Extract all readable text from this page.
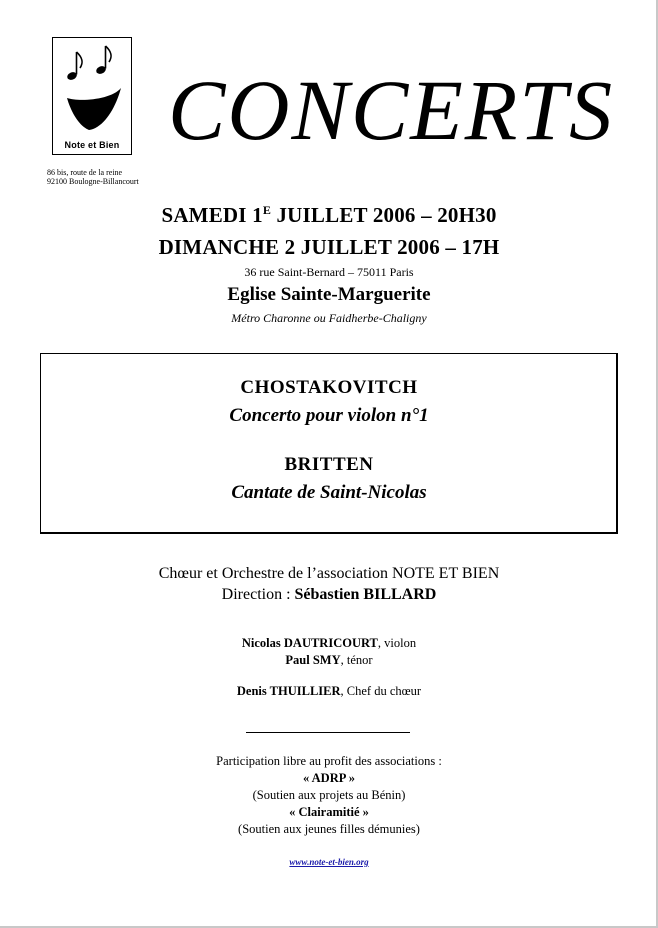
Note et Bien
86 bis, route de la reine
92100 Boulogne-Billancourt
CONCERTS
SAMEDI $1^E$ JUILLET 2006 – 20H30
DIMANCHE 2 JUILLET 2006 – 17H
36 rue Saint-Bernard – 75011 Paris
Eglise Sainte-Marguerite
Métro Charonne ou Faidherbe-Chaligny
CHOSTAKOVITCH
Concerto pour violon n°1
BRITTEN
Cantate de Saint-Nicolas
Chœur et Orchestre de l’association NOTE ET BIEN
Direction : Sébastien BILLARD
Nicolas DAUTRICOURT, violon
Paul SMY, ténor
Denis THUILLIER, Chef du chœur
Participation libre au profit des associations :
« ADRP »
(Soutien aux projets au Bénin)
« Clairamitié »
(Soutien aux jeunes filles démunies)
www.note-et-bien.org
